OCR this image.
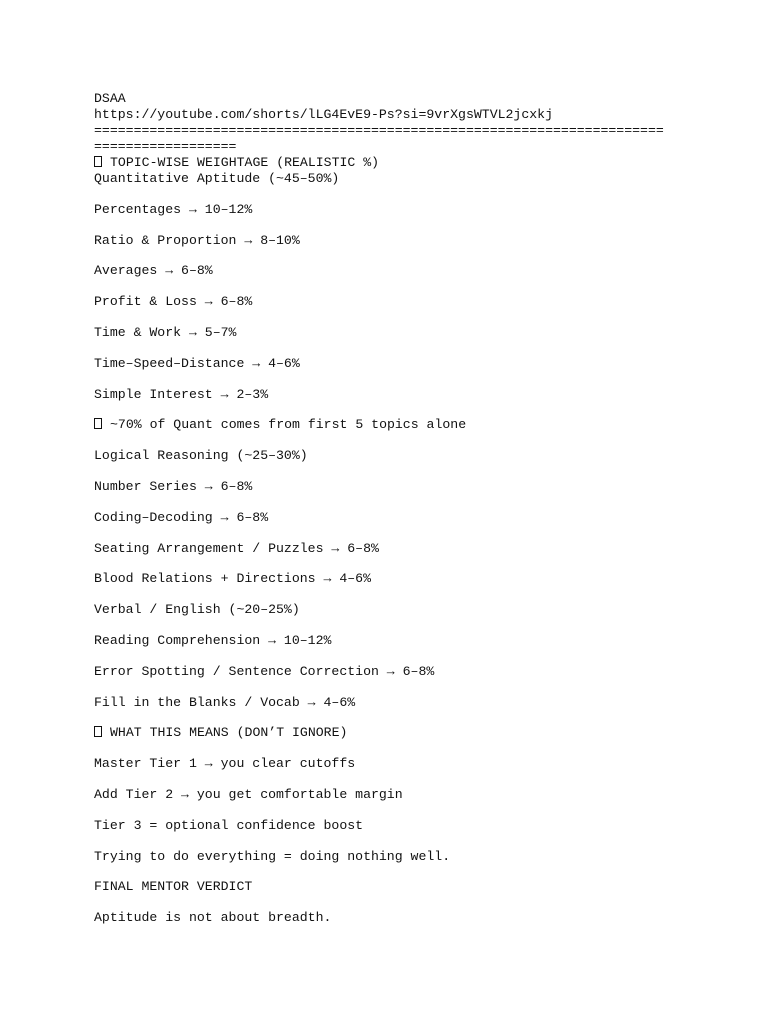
DSAA
https://youtube.com/shorts/lLG4EvE9-Ps?si=9vrXgsWTVL2jcxkj
========================================================================
==================
TOPIC-WISE WEIGHTAGE (REALISTIC %)
Quantitative Aptitude (~45–50%)
Percentages → 10–12%
Ratio & Proportion → 8–10%
Averages → 6–8%
Profit & Loss → 6–8%
Time & Work → 5–7%
Time–Speed–Distance → 4–6%
Simple Interest → 2–3%
~70% of Quant comes from first 5 topics alone
Logical Reasoning (~25–30%)
Number Series → 6–8%
Coding–Decoding → 6–8%
Seating Arrangement / Puzzles → 6–8%
Blood Relations + Directions → 4–6%
Verbal / English (~20–25%)
Reading Comprehension → 10–12%
Error Spotting / Sentence Correction → 6–8%
Fill in the Blanks / Vocab → 4–6%
WHAT THIS MEANS (DON’T IGNORE)
Master Tier 1 → you clear cutoffs
Add Tier 2 → you get comfortable margin
Tier 3 = optional confidence boost
Trying to do everything = doing nothing well.
FINAL MENTOR VERDICT
Aptitude is not about breadth.
